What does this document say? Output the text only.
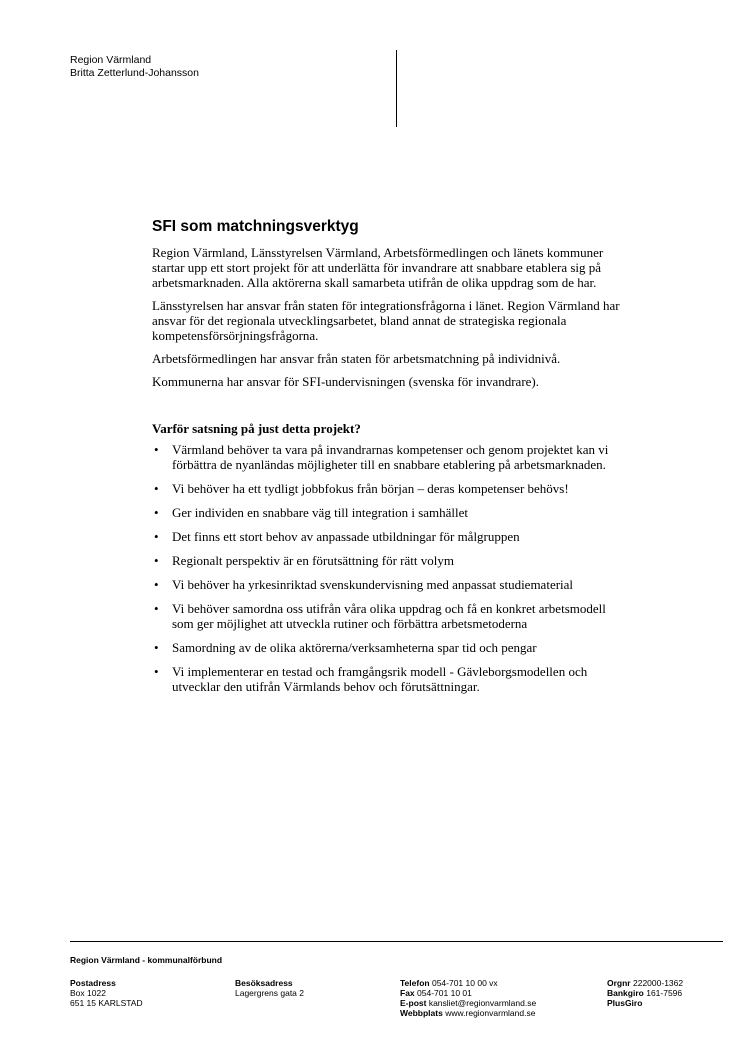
Region Värmland
Britta Zetterlund-Johansson
SFI som matchningsverktyg

Region Värmland, Länsstyrelsen Värmland, Arbetsförmedlingen och länets kommuner startar upp ett stort projekt för att underlätta för invandrare att snabbare etablera sig på arbetsmarknaden. Alla aktörerna skall samarbeta utifrån de olika uppdrag som de har.

Länsstyrelsen har ansvar från staten för integrationsfrågorna i länet. Region Värmland har ansvar för det regionala utvecklingsarbetet, bland annat de strategiska regionala kompetensförsörjningsfrågorna.

Arbetsförmedlingen har ansvar från staten för arbetsmatchning på individnivå.

Kommunerna har ansvar för SFI-undervisningen (svenska för invandrare).

Varför satsning på just detta projekt?
• Värmland behöver ta vara på invandrarnas kompetenser och genom projektet kan vi förbättra de nyanländas möjligheter till en snabbare etablering på arbetsmarknaden.
• Vi behöver ha ett tydligt jobbfokus från början – deras kompetenser behövs!
• Ger individen en snabbare väg till integration i samhället
• Det finns ett stort behov av anpassade utbildningar för målgruppen
• Regionalt perspektiv är en förutsättning för rätt volym
• Vi behöver ha yrkesinriktad svenskundervisning med anpassat studiematerial
• Vi behöver samordna oss utifrån våra olika uppdrag och få en konkret arbetsmodell som ger möjlighet att utveckla rutiner och förbättra arbetsmetoderna
• Samordning av de olika aktörerna/verksamheterna spar tid och pengar
• Vi implementerar en testad och framgångsrik modell - Gävleborgsmodellen och utvecklar den utifrån Värmlands behov och förutsättningar.
Region Värmland - kommunalförbund
Postadress
Box 1022
651 15 KARLSTAD
Besöksadress
Lagergrens gata 2
Telefon 054-701 10 00 vx
Fax 054-701 10 01
E-post kansliet@regionvarmland.se
Webbplats www.regionvarmland.se
Orgnr 222000-1362
Bankgiro 161-7596
PlusGiro
